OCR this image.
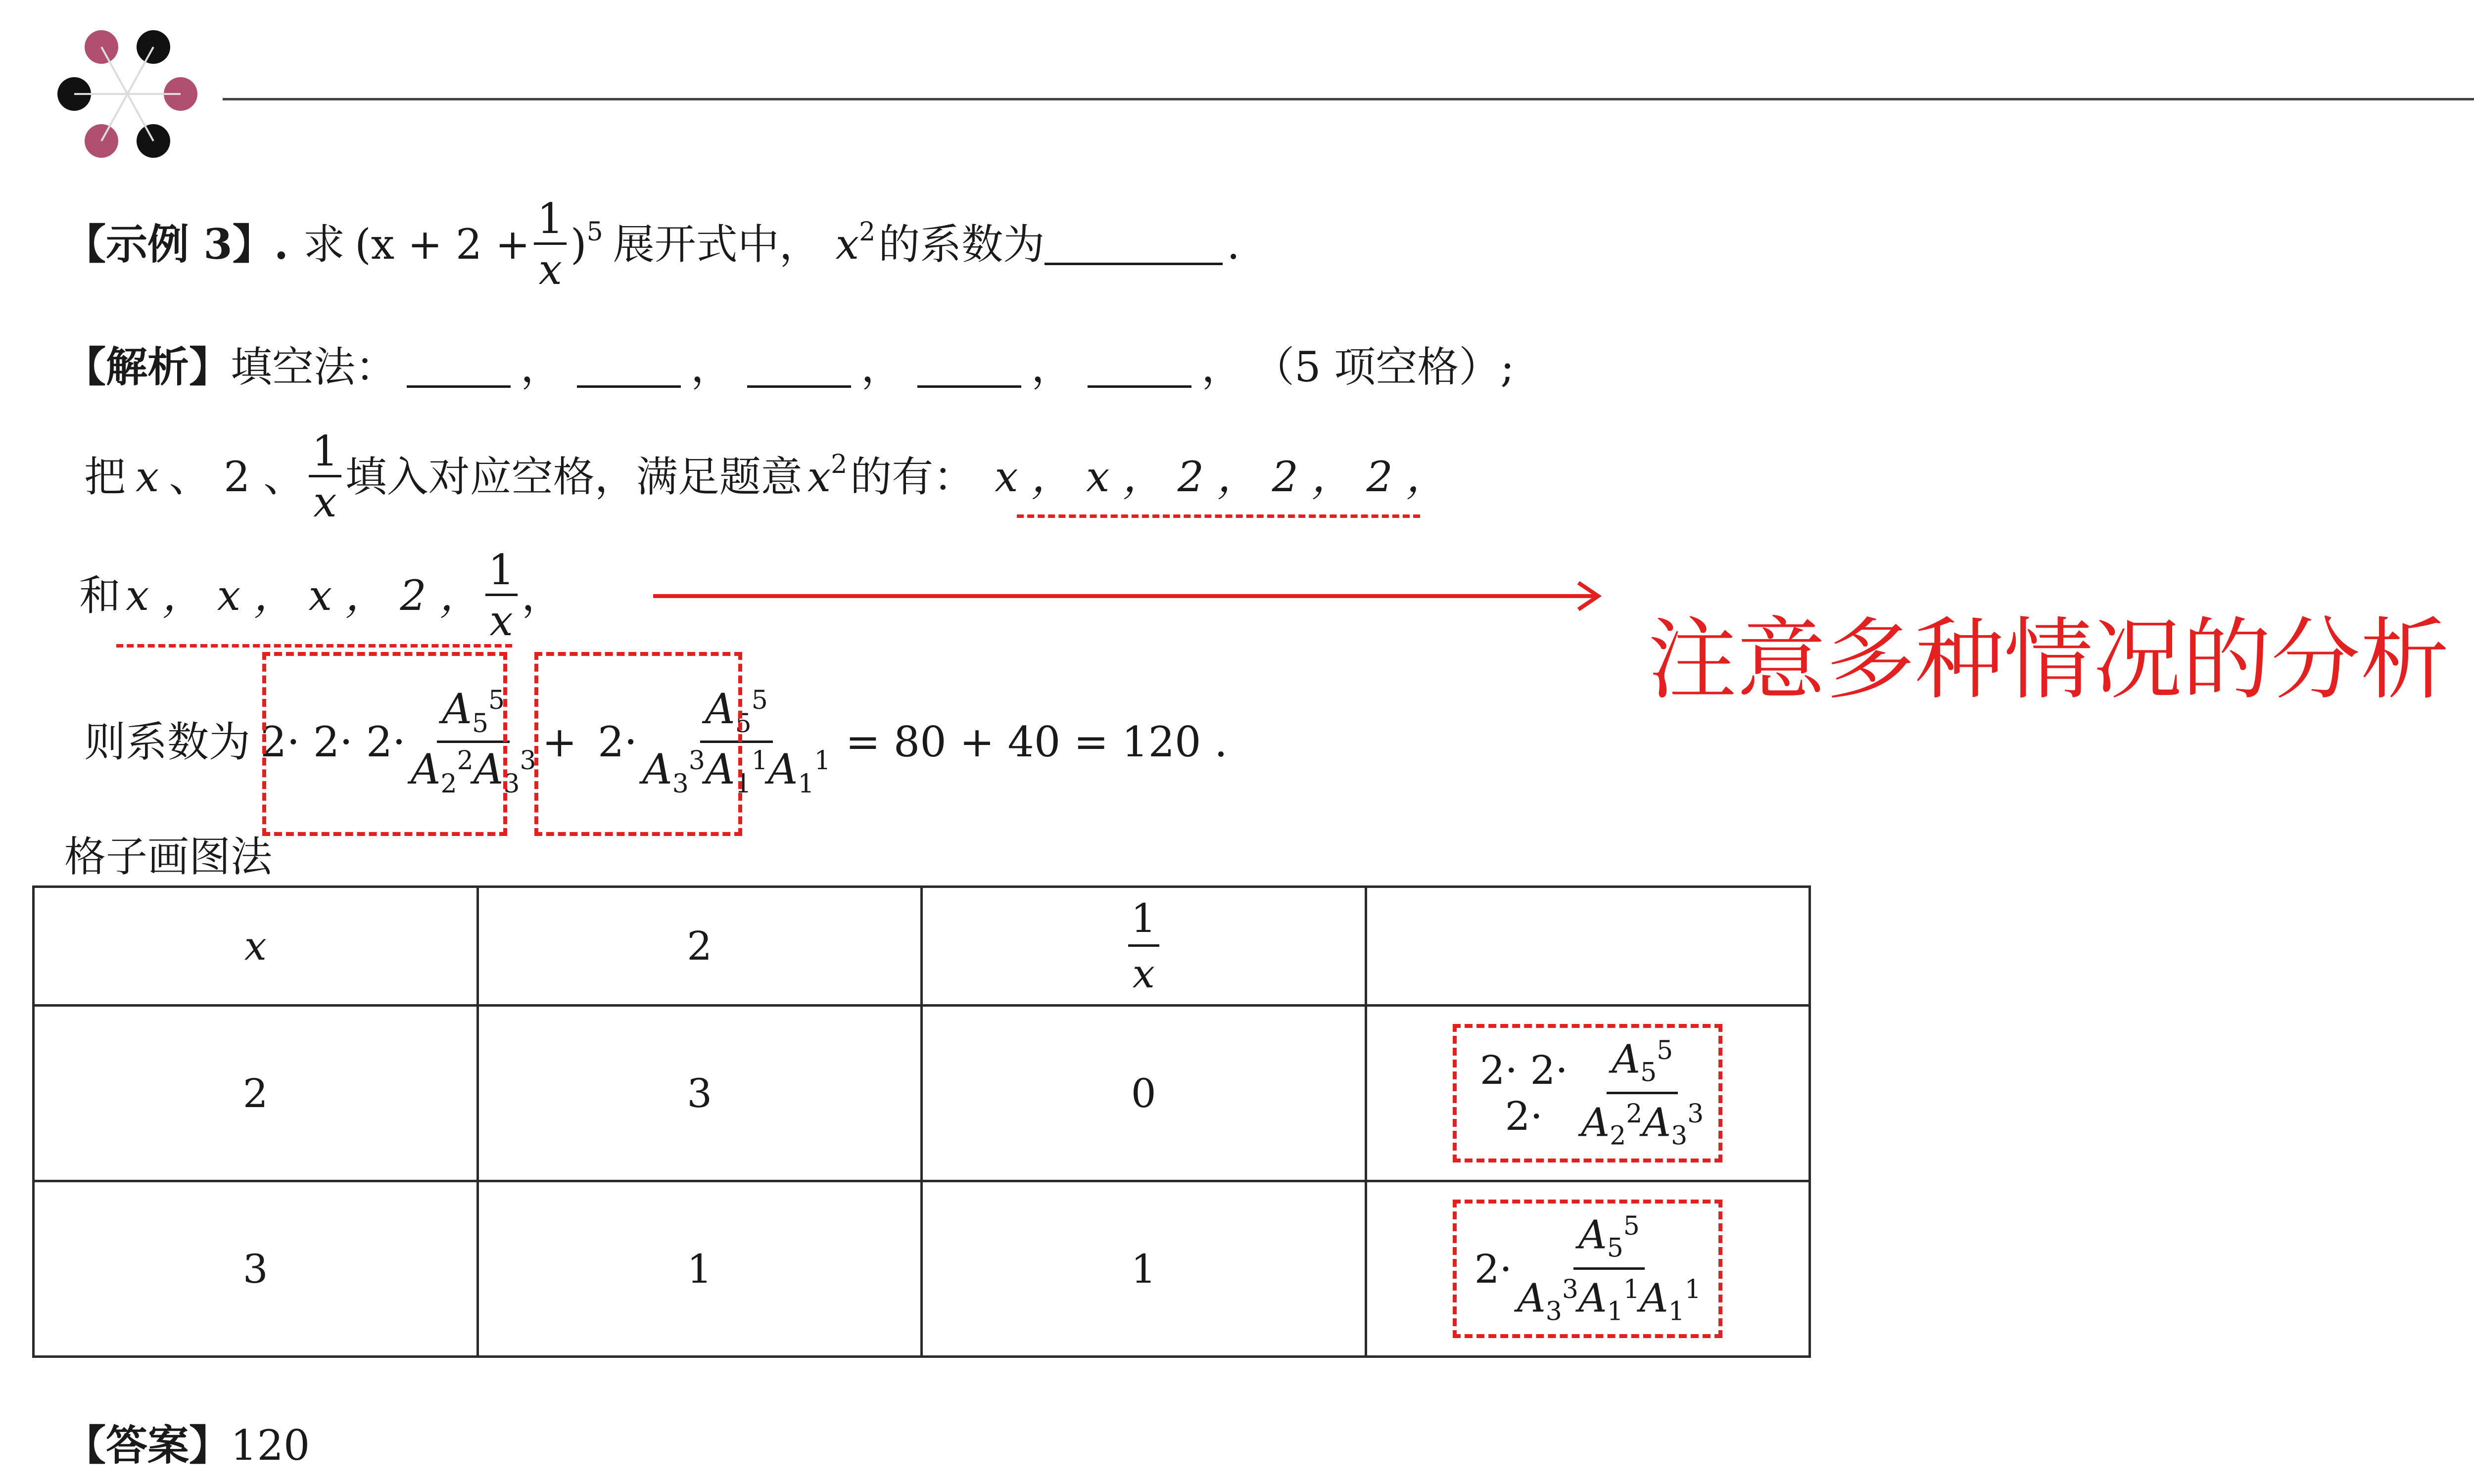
【示例 3】. 求 ($x + 2 + \frac{1}{x}$ ) 5 展开式中， x 2 的系数为	.
【解析】 填空法：	，	，	，	，	， （5 项空格）;
把 x 、 2 、 $\frac{1}{x}$ 填入对应空格，满足题意 x 2 的有： x ， x ， 2 ， 2 ， 2 ，
和 x ， x ， x ， 2 ， $\frac{1}{x}$ ，
注意多种情况的分析
则系数为 2· 2· 2·
$A_5^5$
$A_2^2A_3^3 + 2\cdot$
$A_5^5$
$A_3^3A_1^1A_1^1 = 80 + 40 = 120$ .
格子画图法
x	2	$\frac{1}{x}$

2	3	0	2· 2· 2·
$A_5^5$
$A_2^2A_3^3$

3	1	1	2·
$A_5^5$
$A_3^3A_1^1A_1^1$
【答案】120
